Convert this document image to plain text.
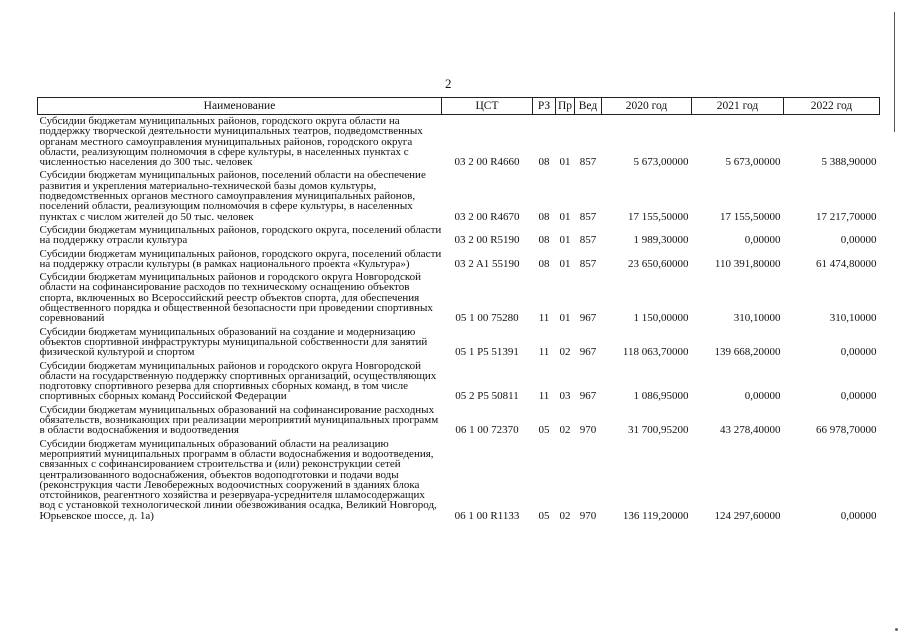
2
Наименование	ЦСТ	РЗ	Пр	Вед	2020 год	2021 год	2022 год
Субсидии бюджетам муниципальных районов, городского округа области на поддержку творческой деятельности муниципальных театров, подведомственных органам местного самоуправления муниципальных районов, городского округа области, реализующим полномочия в сфере культуры, в населенных пунктах с численностью населения до 300 тыс. человек	03 2 00 R4660	08	01	857	5 673,00000	5 673,00000	5 388,90000
Субсидии бюджетам муниципальных районов, поселений области на обеспечение развития и укрепления материально-технической базы домов культуры, подведомственных органов местного самоуправления муниципальных районов, поселений области, реализующим полномочия в сфере культуры, в населенных пунктах с числом жителей до 50 тыс. человек	03 2 00 R4670	08	01	857	17 155,50000	17 155,50000	17 217,70000
Субсидии бюджетам муниципальных районов, городского округа, поселений области на поддержку отрасли культура	03 2 00 R5190	08	01	857	1 989,30000	0,00000	0,00000
Субсидии бюджетам муниципальных районов, городского округа, поселений области на поддержку отрасли культуры (в рамках национального проекта «Культура»)	03 2 A1 55190	08	01	857	23 650,60000	110 391,80000	61 474,80000
Субсидии бюджетам муниципальных районов и городского округа Новгородской области на софинансирование расходов по техническому оснащению объектов спорта, включенных во Всероссийский реестр объектов спорта, для обеспечения общественного порядка и общественной безопасности при проведении спортивных соревнований	05 1 00 75280	11	01	967	1 150,00000	310,10000	310,10000
Субсидии бюджетам муниципальных образований на создание и модернизацию объектов спортивной инфраструктуры муниципальной собственности для занятий физической культурой и спортом	05 1 P5 51391	11	02	967	118 063,70000	139 668,20000	0,00000
Субсидии бюджетам муниципальных районов и городского округа Новгородской области на государственную поддержку спортивных организаций, осуществляющих подготовку спортивного резерва для спортивных сборных команд, в том числе спортивных сборных команд Российской Федерации	05 2 P5 50811	11	03	967	1 086,95000	0,00000	0,00000
Субсидии бюджетам муниципальных образований на софинансирование расходных обязательств, возникающих при реализации мероприятий муниципальных программ в области водоснабжения и водоотведения	06 1 00 72370	05	02	970	31 700,95200	43 278,40000	66 978,70000
Субсидии бюджетам муниципальных образований области на реализацию мероприятий муниципальных программ в области водоснабжения и водоотведения, связанных с софинансированием строительства и (или) реконструкции сетей централизованного водоснабжения, объектов водоподготовки и подачи воды (реконструкция части Левобережных водоочистных сооружений в зданиях блока отстойников, реагентного хозяйства и резервуара-усреднителя шламосодержащих вод с установкой технологической линии обезвоживания осадка, Великий Новгород, Юрьевское шоссе, д. 1а)	06 1 00 R1133	05	02	970	136 119,20000	124 297,60000	0,00000
